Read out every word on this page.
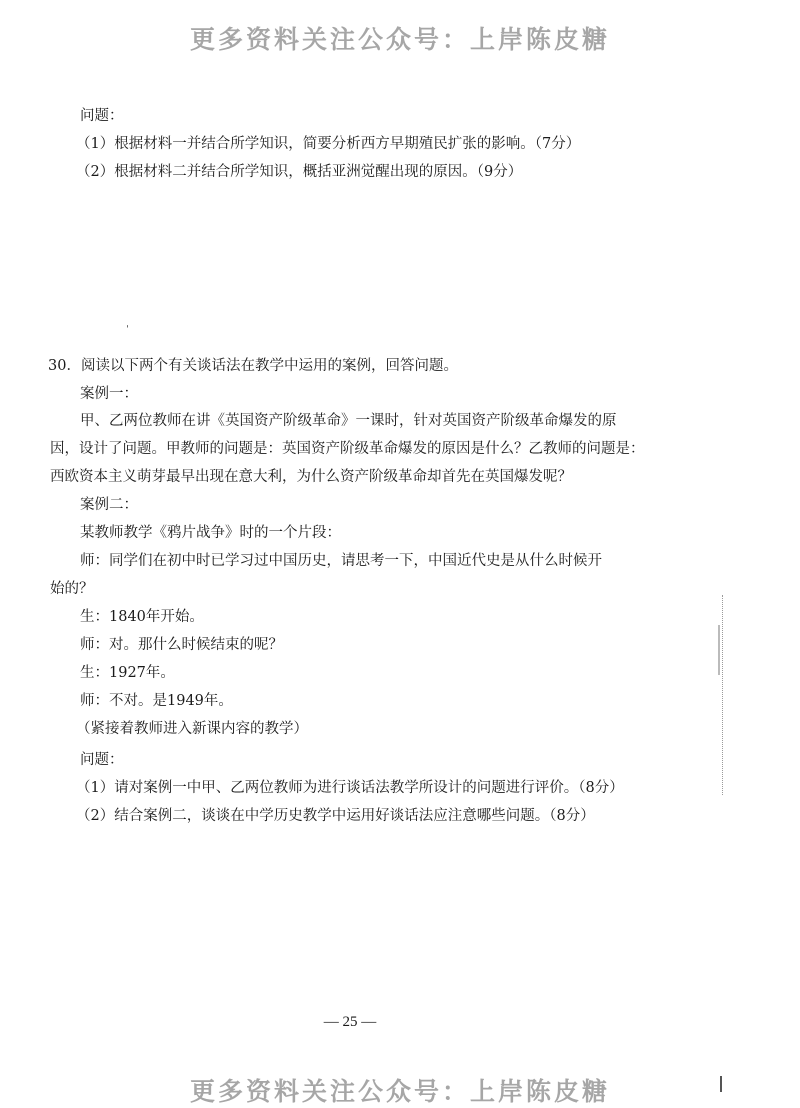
更多资料关注公众号：上岸陈皮糖
问题：
（1）根据材料一并结合所学知识，简要分析西方早期殖民扩张的影响。（7分）
（2）根据材料二并结合所学知识，概括亚洲觉醒出现的原因。（9分）
ˌ
30．阅读以下两个有关谈话法在教学中运用的案例，回答问题。
案例一：
甲、乙两位教师在讲《英国资产阶级革命》一课时，针对英国资产阶级革命爆发的原
因，设计了问题。甲教师的问题是：英国资产阶级革命爆发的原因是什么？乙教师的问题是：
西欧资本主义萌芽最早出现在意大利，为什么资产阶级革命却首先在英国爆发呢？
案例二：
某教师教学《鸦片战争》时的一个片段：
师：同学们在初中时已学习过中国历史，请思考一下，中国近代史是从什么时候开
始的？
生：1840年开始。
师：对。那什么时候结束的呢？
生：1927年。
师：不对。是1949年。
（紧接着教师进入新课内容的教学）
问题：
（1）请对案例一中甲、乙两位教师为进行谈话法教学所设计的问题进行评价。（8分）
（2）结合案例二，谈谈在中学历史教学中运用好谈话法应注意哪些问题。（8分）
— 25 —
更多资料关注公众号：上岸陈皮糖
